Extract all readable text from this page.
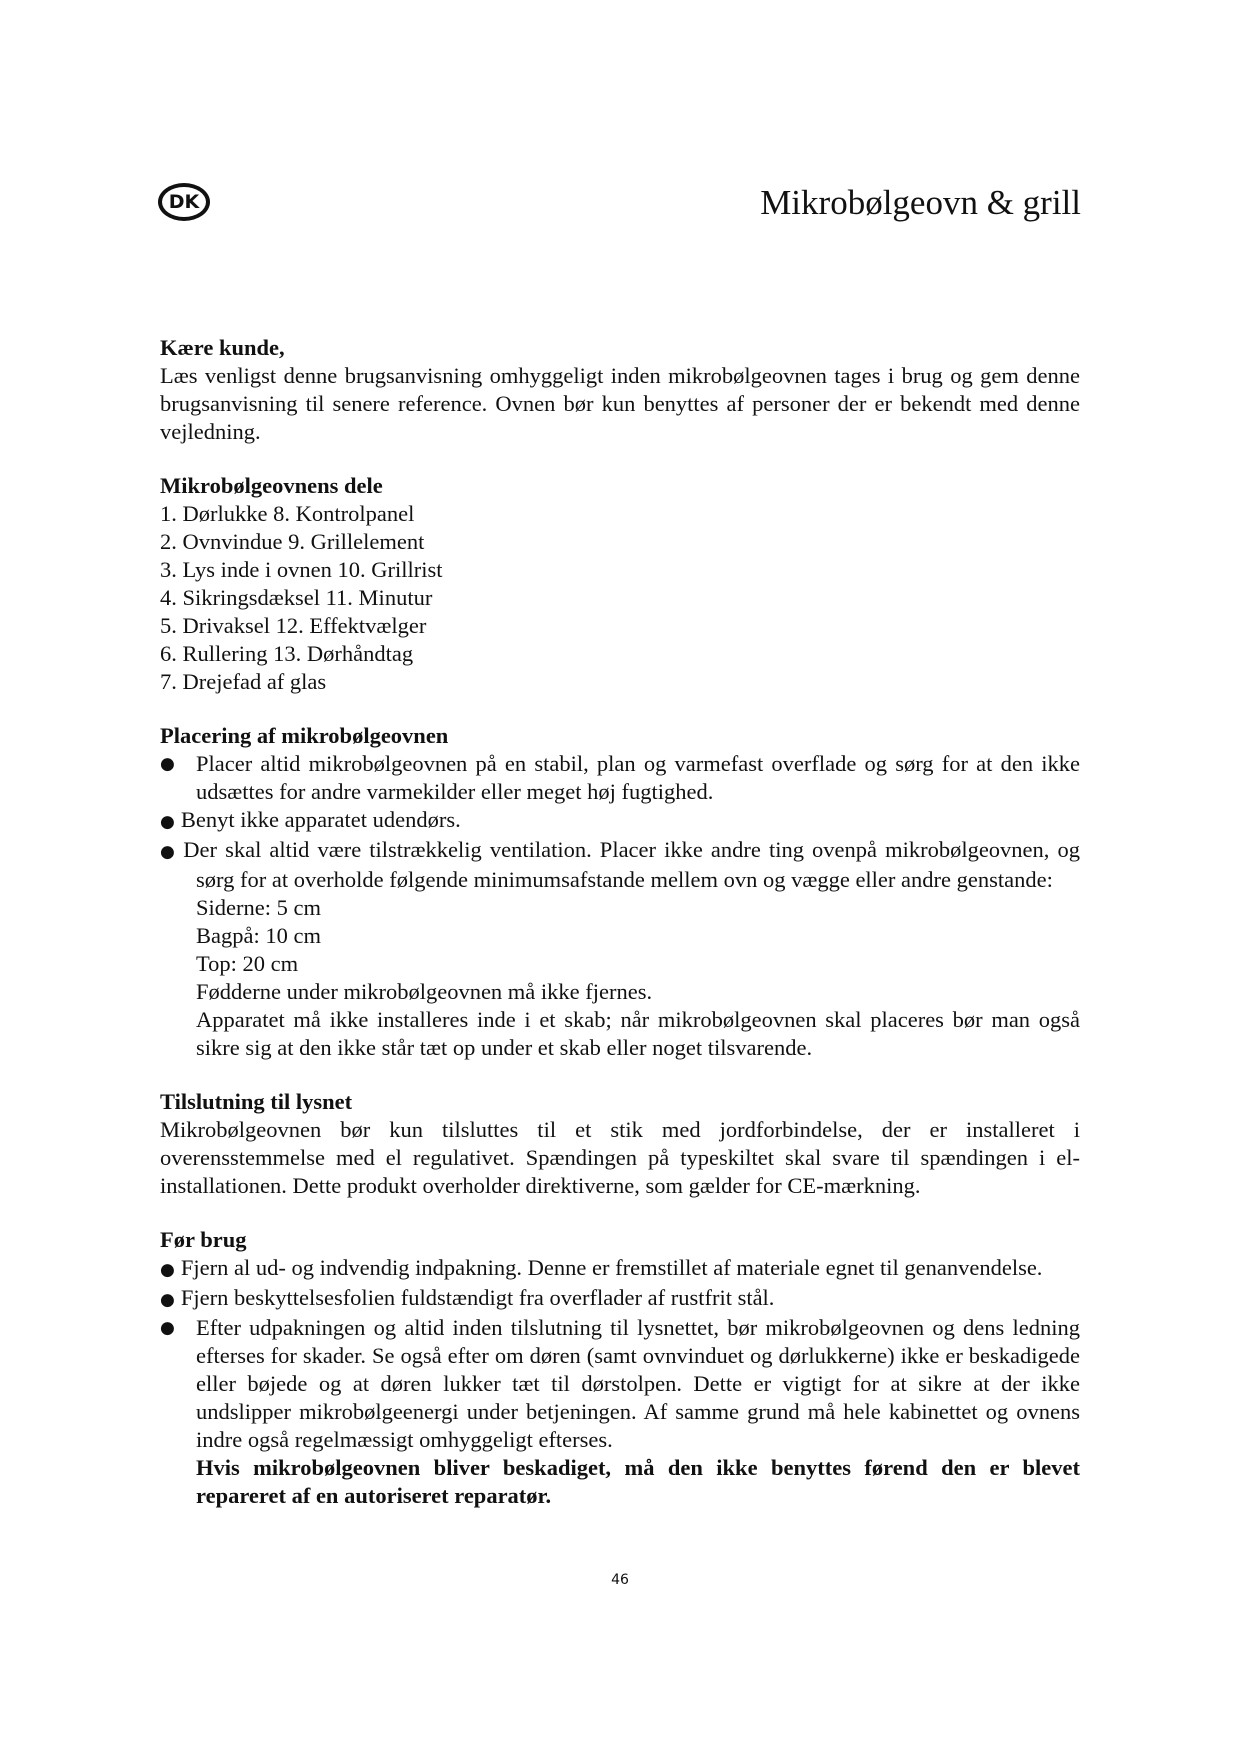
DK	Mikrobølgeovn & grill
Kære kunde,

Læs venligst denne brugsanvisning omhyggeligt inden mikrobølgeovnen tages i brug og gem denne brugsanvisning til senere reference. Ovnen bør kun benyttes af personer der er bekendt med denne vejledning.

Mikrobølgeovnens dele
1. Dørlukke 8. Kontrolpanel
2. Ovnvindue 9. Grillelement
3. Lys inde i ovnen 10. Grillrist
4. Sikringsdæksel 11. Minutur
5. Drivaksel 12. Effektvælger
6. Rullering 13. Dørhåndtag
7. Drejefad af glas
Placering af mikrobølgeovnen
● Placer altid mikrobølgeovnen på en stabil, plan og varmefast overflade og sørg for at den ikke udsættes for andre varmekilder eller meget høj fugtighed.

● Benyt ikke apparatet udendørs.

● Der skal altid være tilstrækkelig ventilation. Placer ikke andre ting ovenpå mikrobølgeovnen, og sørg for at overholde følgende minimumsafstande mellem ovn og vægge eller andre genstande:

Siderne: 5 cm
Bagpå: 10 cm
Top: 20 cm
Fødderne under mikrobølgeovnen må ikke fjernes.
Apparatet må ikke installeres inde i et skab; når mikrobølgeovnen skal placeres bør man også sikre sig at den ikke står tæt op under et skab eller noget tilsvarende.
Tilslutning til lysnet

Mikrobølgeovnen bør kun tilsluttes til et stik med jordforbindelse, der er installeret i overensstemmelse med el regulativet. Spændingen på typeskiltet skal svare til spændingen i el-installationen. Dette produkt overholder direktiverne, som gælder for CE-mærkning.

Før brug

● Fjern al ud- og indvendig indpakning. Denne er fremstillet af materiale egnet til genanvendelse.

● Fjern beskyttelsesfolien fuldstændigt fra overflader af rustfrit stål.

● Efter udpakningen og altid inden tilslutning til lysnettet, bør mikrobølgeovnen og dens ledning efterses for skader. Se også efter om døren (samt ovnvinduet og dørlukkerne) ikke er beskadigede eller bøjede og at døren lukker tæt til dørstolpen. Dette er vigtigt for at sikre at der ikke undslipper mikrobølgeenergi under betjeningen. Af samme grund må hele kabinettet og ovnens indre også regelmæssigt omhyggeligt efterses.
Hvis mikrobølgeovnen bliver beskadiget, må den ikke benyttes førend den er blevet repareret af en autoriseret reparatør.
46
